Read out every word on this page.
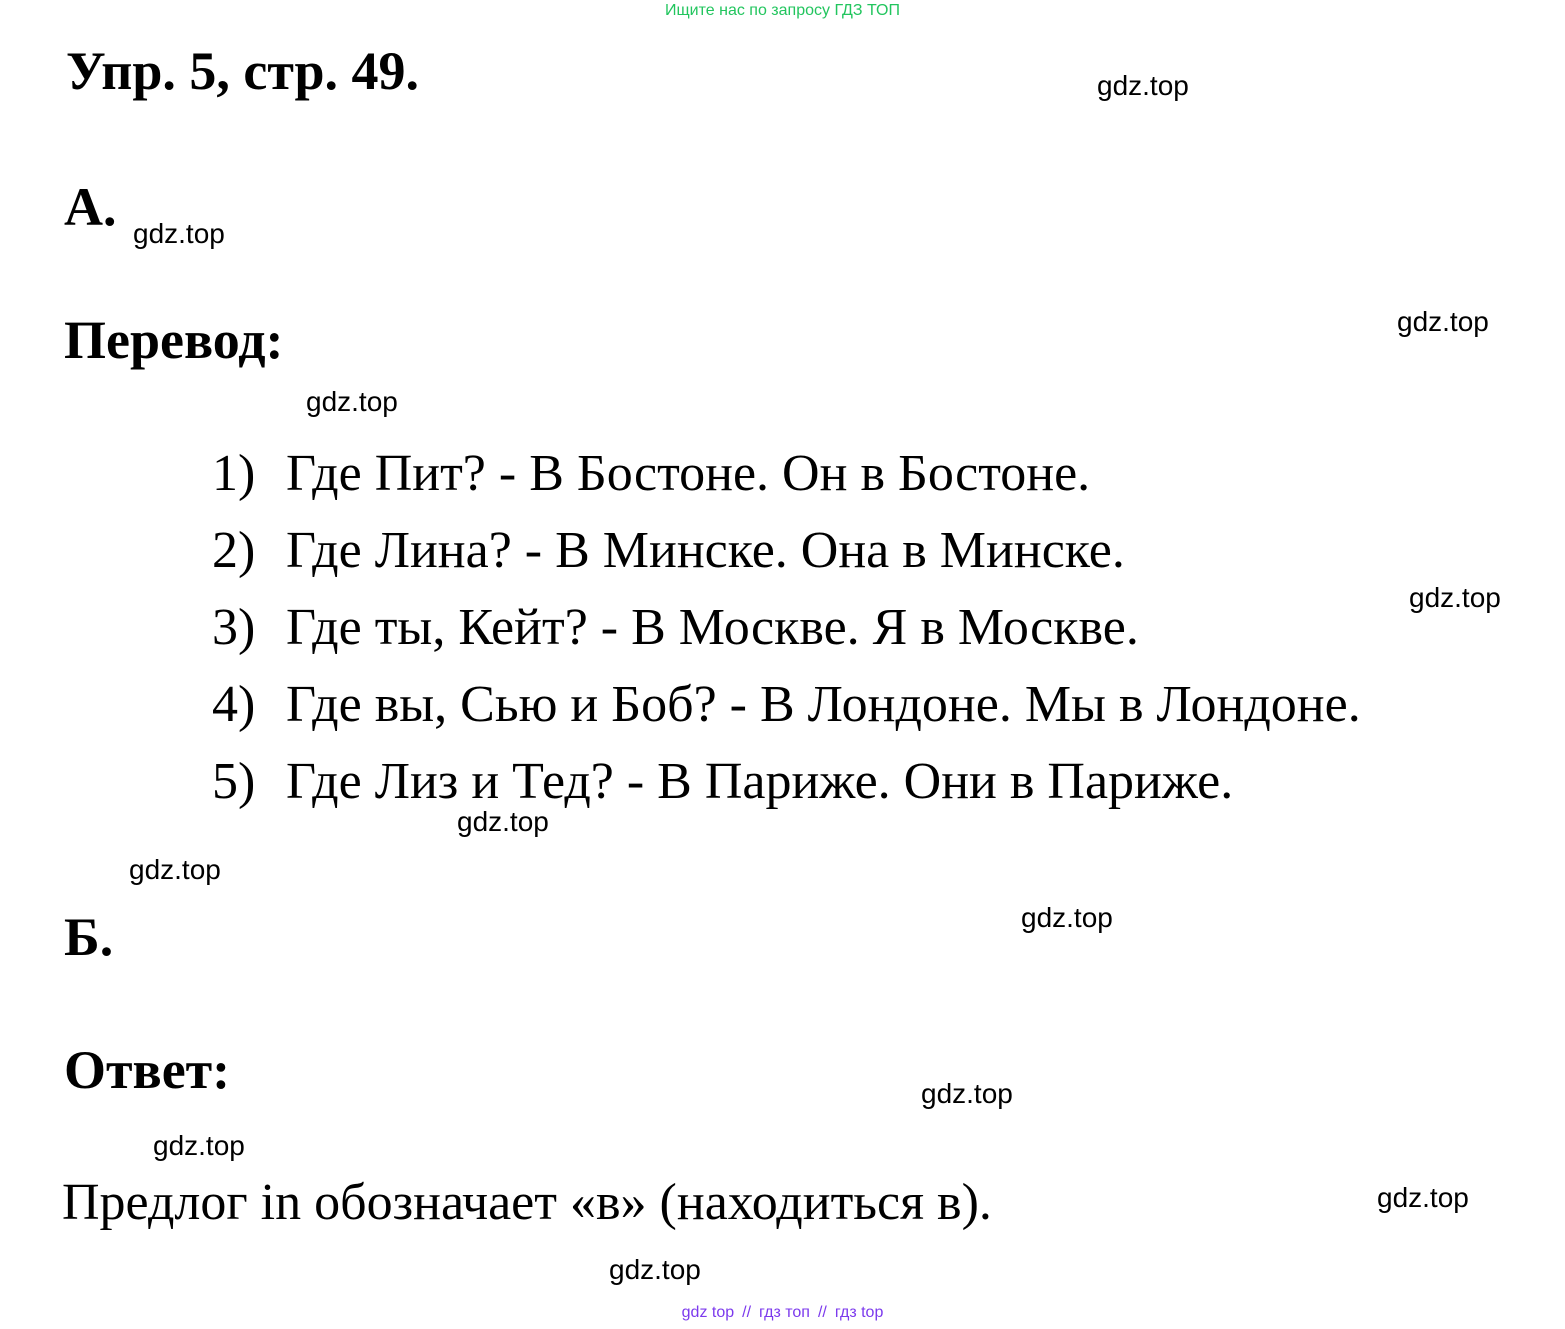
Ищите нас по запросу ГДЗ ТОП
Упр. 5, стр. 49.
А.
Перевод:
1) Где Пит? - В Бостоне. Он в Бостоне.
2) Где Лина? - В Минске. Она в Минске.
3) Где ты, Кейт? - В Москве. Я в Москве.
4) Где вы, Сью и Боб? - В Лондоне. Мы в Лондоне.
5) Где Лиз и Тед? - В Париже. Они в Париже.
Б.
Ответ:
Предлог in обозначает «в» (находиться в).
gdz.top
gdz.top
gdz.top
gdz.top
gdz.top
gdz.top
gdz.top
gdz.top
gdz.top
gdz.top
gdz.top
gdz.top
gdz top // гдз топ // гдз top
